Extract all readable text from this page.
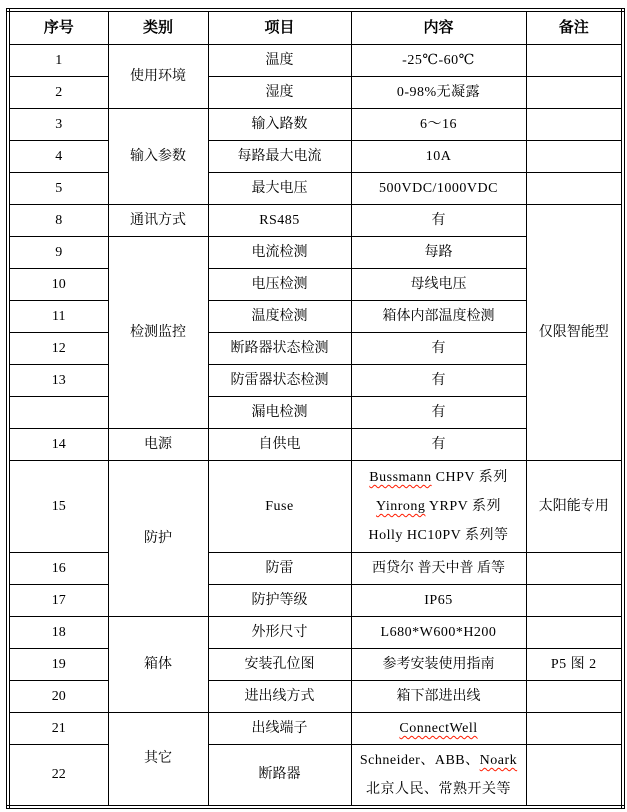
序号	类别	项目	内容	备注
1	使用环境	温度	-25℃-60℃	
2		湿度	0-98%无凝露	
3	输入参数	输入路数	6～16	
4		每路最大电流	10A	
5		最大电压	500VDC/1000VDC	
8	通讯方式	RS485	有	仅限智能型
9	检测监控	电流检测	每路	
10		电压检测	母线电压	
11		温度检测	箱体内部温度检测	
12		断路器状态检测	有	
13		防雷器状态检测	有	
		漏电检测	有	
14	电源	自供电	有	
15	防护	Fuse	Bussmann CHPV 系列
Yinrong YRPV 系列
Holly HC10PV 系列等	太阳能专用
16		防雷	西贷尔 普天中普 盾等	
17		防护等级	IP65	
18	箱体	外形尺寸	L680*W600*H200	
19		安装孔位图	参考安装使用指南	P5 图 2
20		进出线方式	箱下部进出线	
21	其它	出线端子	ConnectWell	
22		断路器	Schneider、ABB、Noark
北京人民、常熟开关等	
